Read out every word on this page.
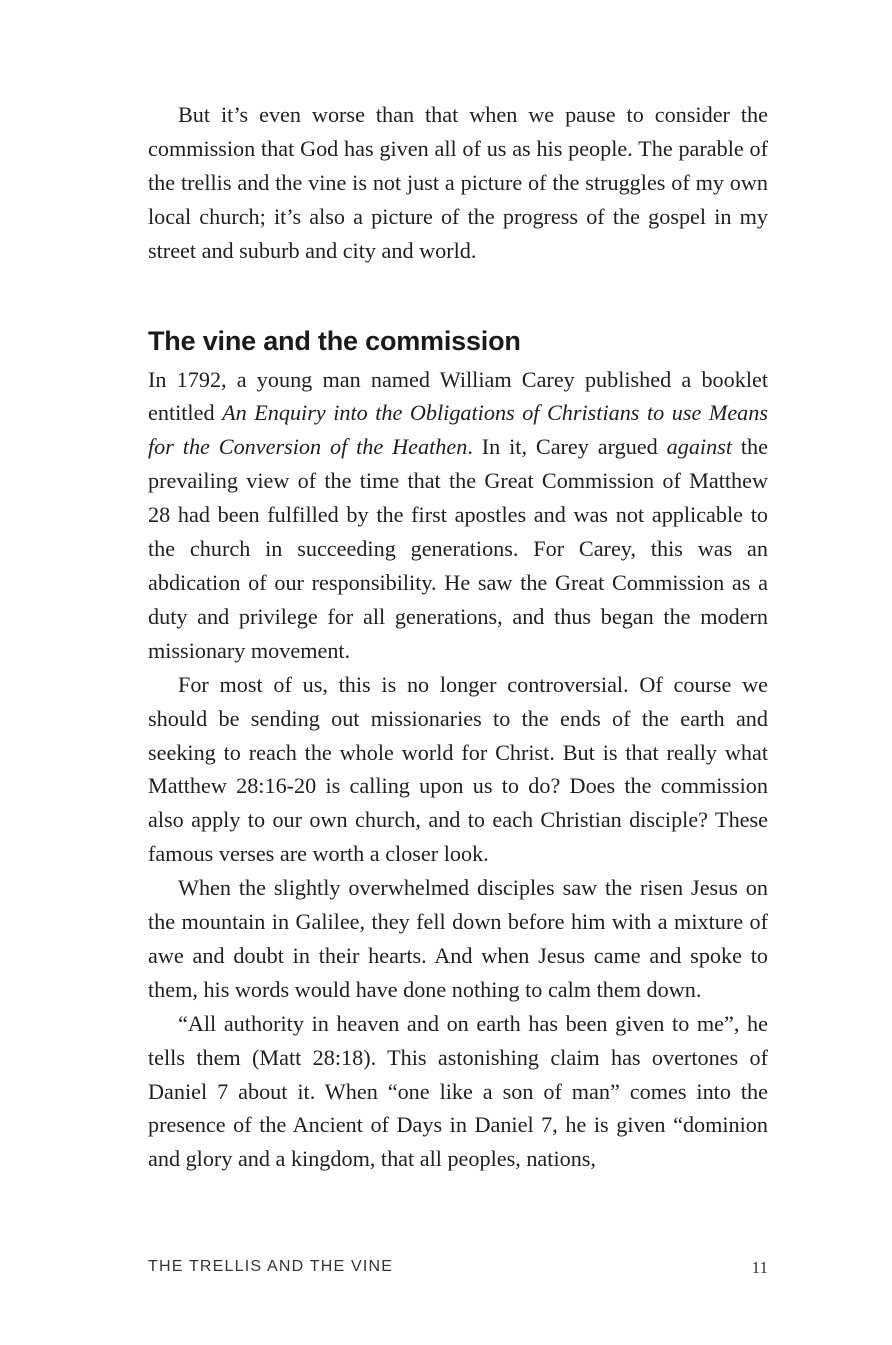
But it’s even worse than that when we pause to consider the commission that God has given all of us as his people. The parable of the trellis and the vine is not just a picture of the struggles of my own local church; it’s also a picture of the progress of the gospel in my street and suburb and city and world.

The vine and the commission

In 1792, a young man named William Carey published a booklet entitled An Enquiry into the Obligations of Christians to use Means for the Conversion of the Heathen. In it, Carey argued against the prevailing view of the time that the Great Commission of Matthew 28 had been fulfilled by the first apostles and was not applicable to the church in succeeding generations. For Carey, this was an abdication of our responsibility. He saw the Great Commission as a duty and privilege for all generations, and thus began the modern missionary movement.

For most of us, this is no longer controversial. Of course we should be sending out missionaries to the ends of the earth and seeking to reach the whole world for Christ. But is that really what Matthew 28:16-20 is calling upon us to do? Does the commission also apply to our own church, and to each Christian disciple? These famous verses are worth a closer look.

When the slightly overwhelmed disciples saw the risen Jesus on the mountain in Galilee, they fell down before him with a mixture of awe and doubt in their hearts. And when Jesus came and spoke to them, his words would have done nothing to calm them down.

“All authority in heaven and on earth has been given to me”, he tells them (Matt 28:18). This astonishing claim has overtones of Daniel 7 about it. When “one like a son of man” comes into the presence of the Ancient of Days in Daniel 7, he is given “dominion and glory and a kingdom, that all peoples, nations,

THE TRELLIS AND THE VINE	11
